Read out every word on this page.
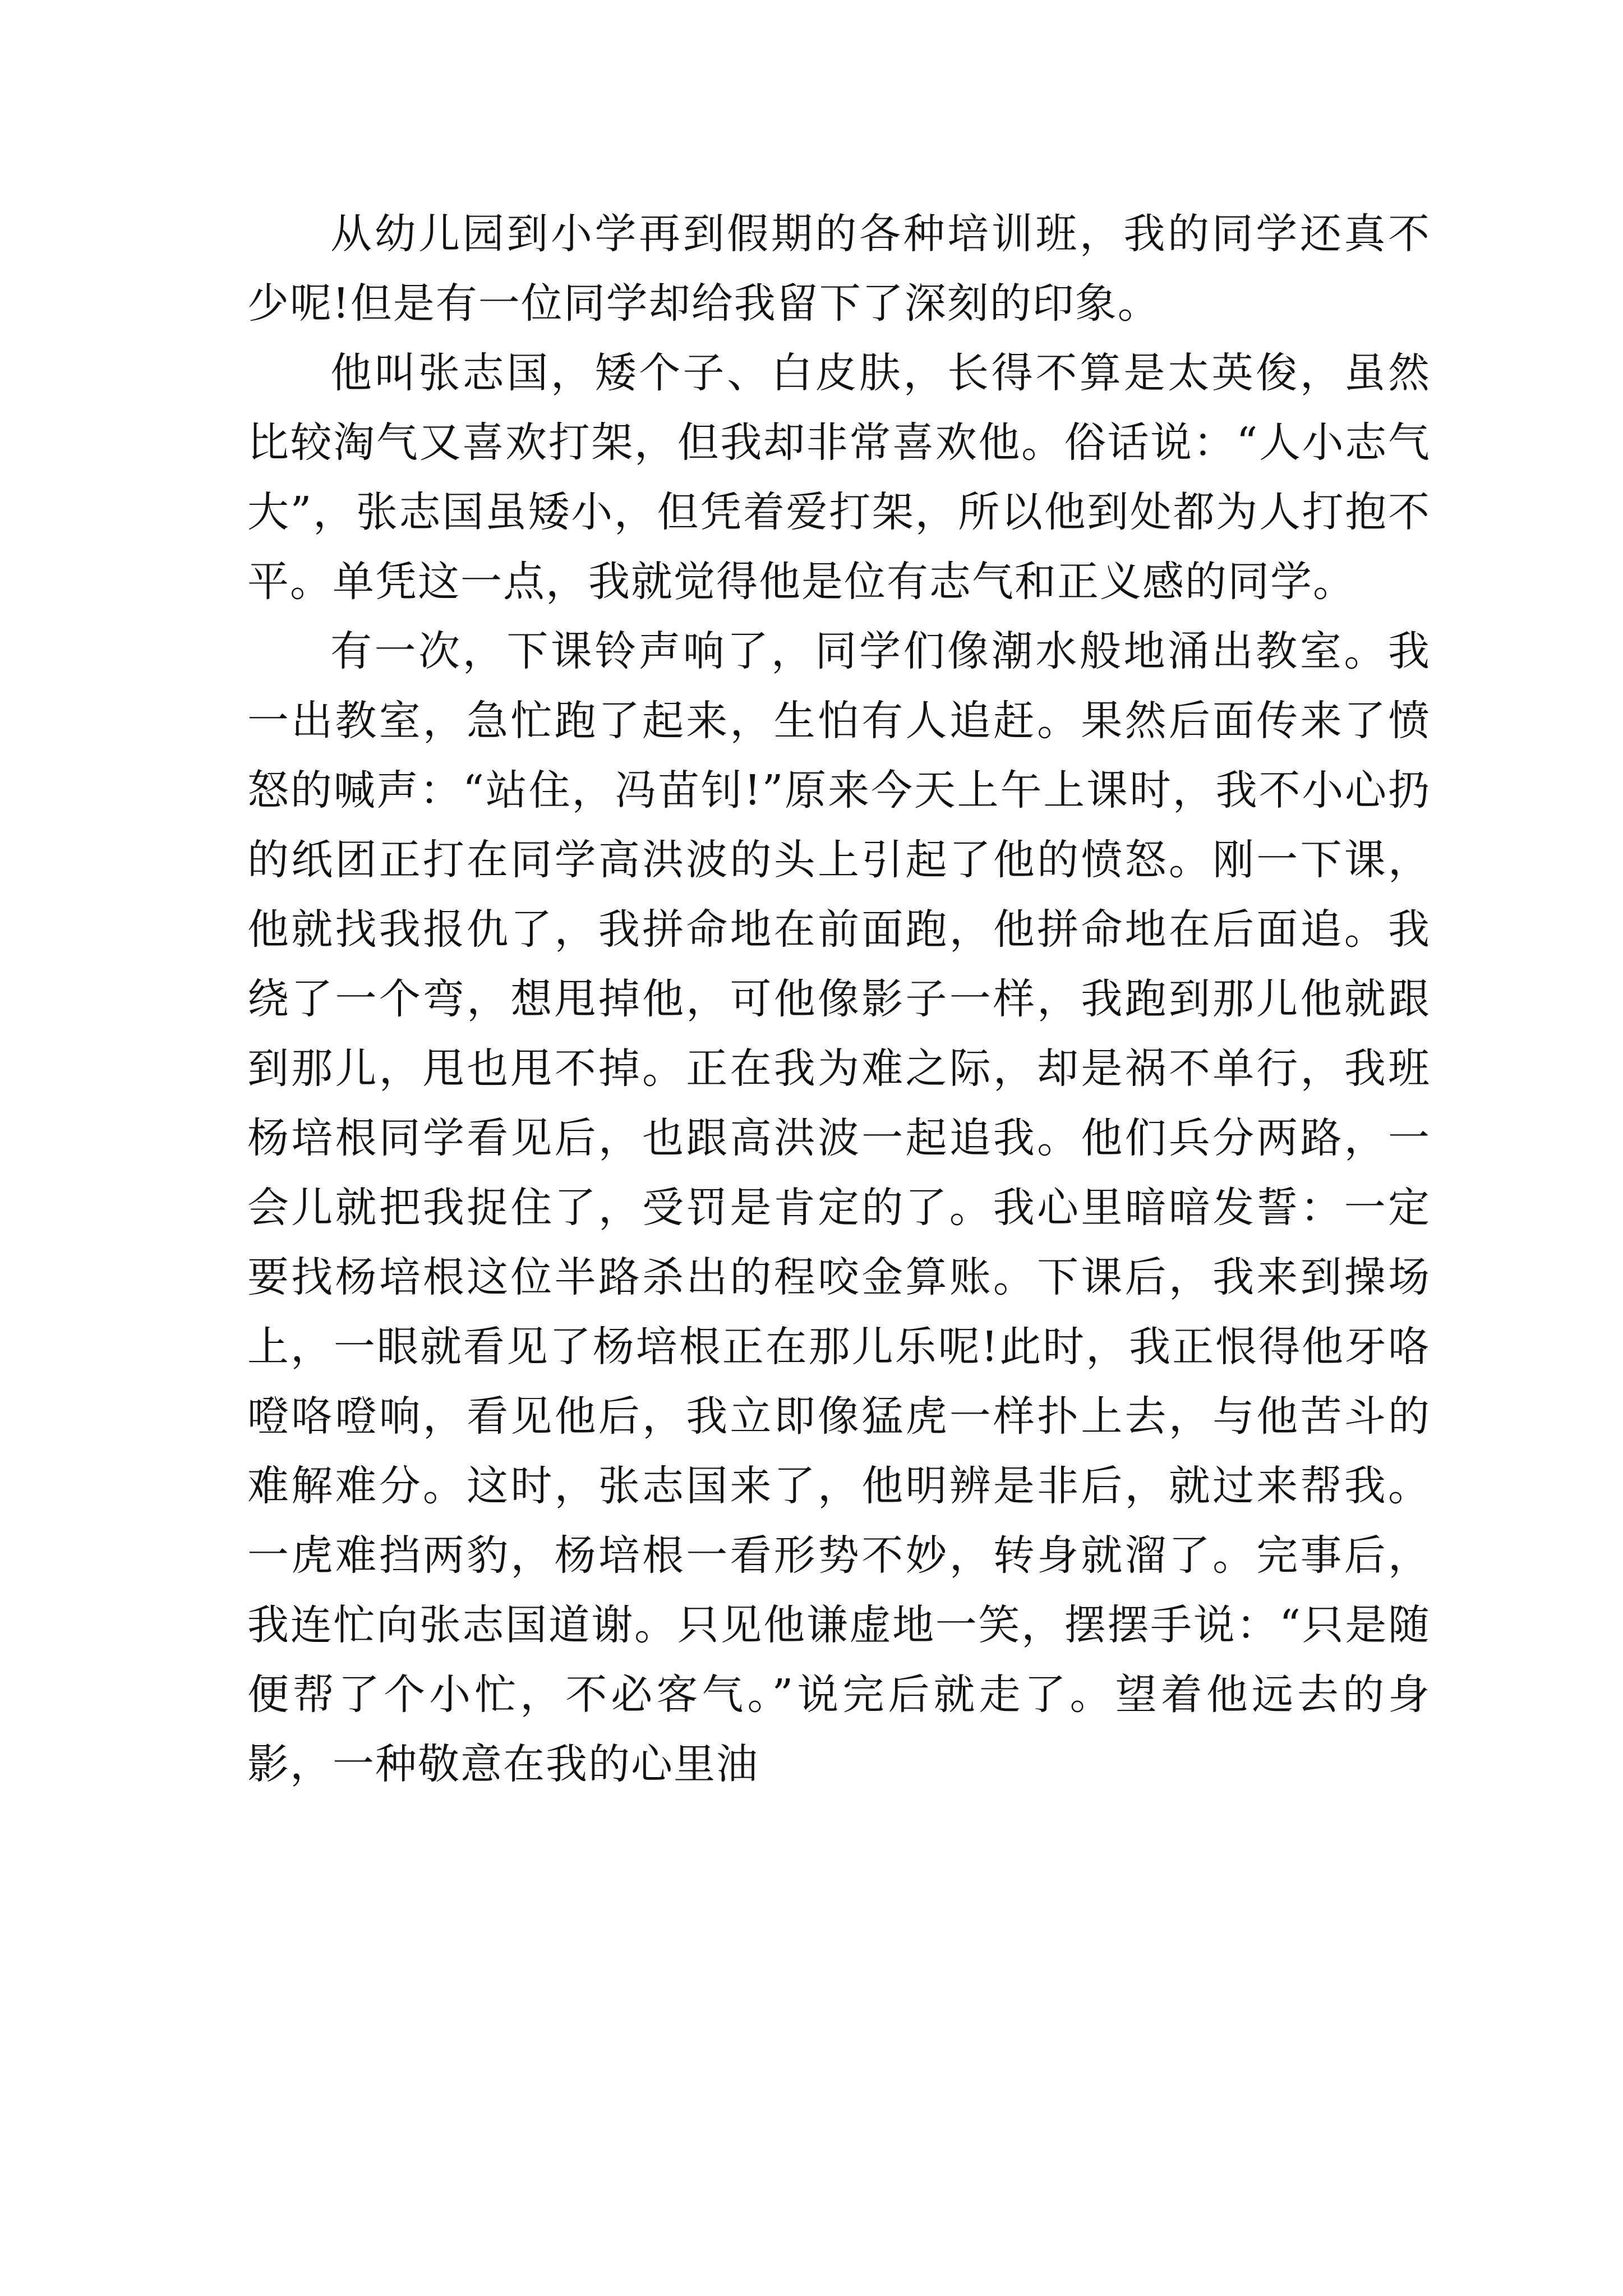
从幼儿园到小学再到假期的各种培训班，我的同学还真不少呢!但是有一位同学却给我留下了深刻的印象。

他叫张志国，矮个子、白皮肤，长得不算是太英俊，虽然比较淘气又喜欢打架，但我却非常喜欢他。俗话说：“人小志气大”，张志国虽矮小，但凭着爱打架，所以他到处都为人打抱不平。单凭这一点，我就觉得他是位有志气和正义感的同学。

有一次，下课铃声响了，同学们像潮水般地涌出教室。我一出教室，急忙跑了起来，生怕有人追赶。果然后面传来了愤怒的喊声：“站住，冯苗钊!”原来今天上午上课时，我不小心扔的纸团正打在同学高洪波的头上引起了他的愤怒。刚一下课，他就找我报仇了，我拼命地在前面跑，他拼命地在后面追。我绕了一个弯，想甩掉他，可他像影子一样，我跑到那儿他就跟到那儿，甩也甩不掉。正在我为难之际，却是祸不单行，我班杨培根同学看见后，也跟高洪波一起追我。他们兵分两路，一会儿就把我捉住了，受罚是肯定的了。我心里暗暗发誓：一定要找杨培根这位半路杀出的程咬金算账。下课后，我来到操场上，一眼就看见了杨培根正在那儿乐呢!此时，我正恨得他牙咯噔咯噔响，看见他后，我立即像猛虎一样扑上去，与他苦斗的难解难分。这时，张志国来了，他明辨是非后，就过来帮我。一虎难挡两豹，杨培根一看形势不妙，转身就溜了。完事后，我连忙向张志国道谢。只见他谦虚地一笑，摆摆手说：“只是随便帮了个小忙，不必客气。”说完后就走了。望着他远去的身影，一种敬意在我的心里油
